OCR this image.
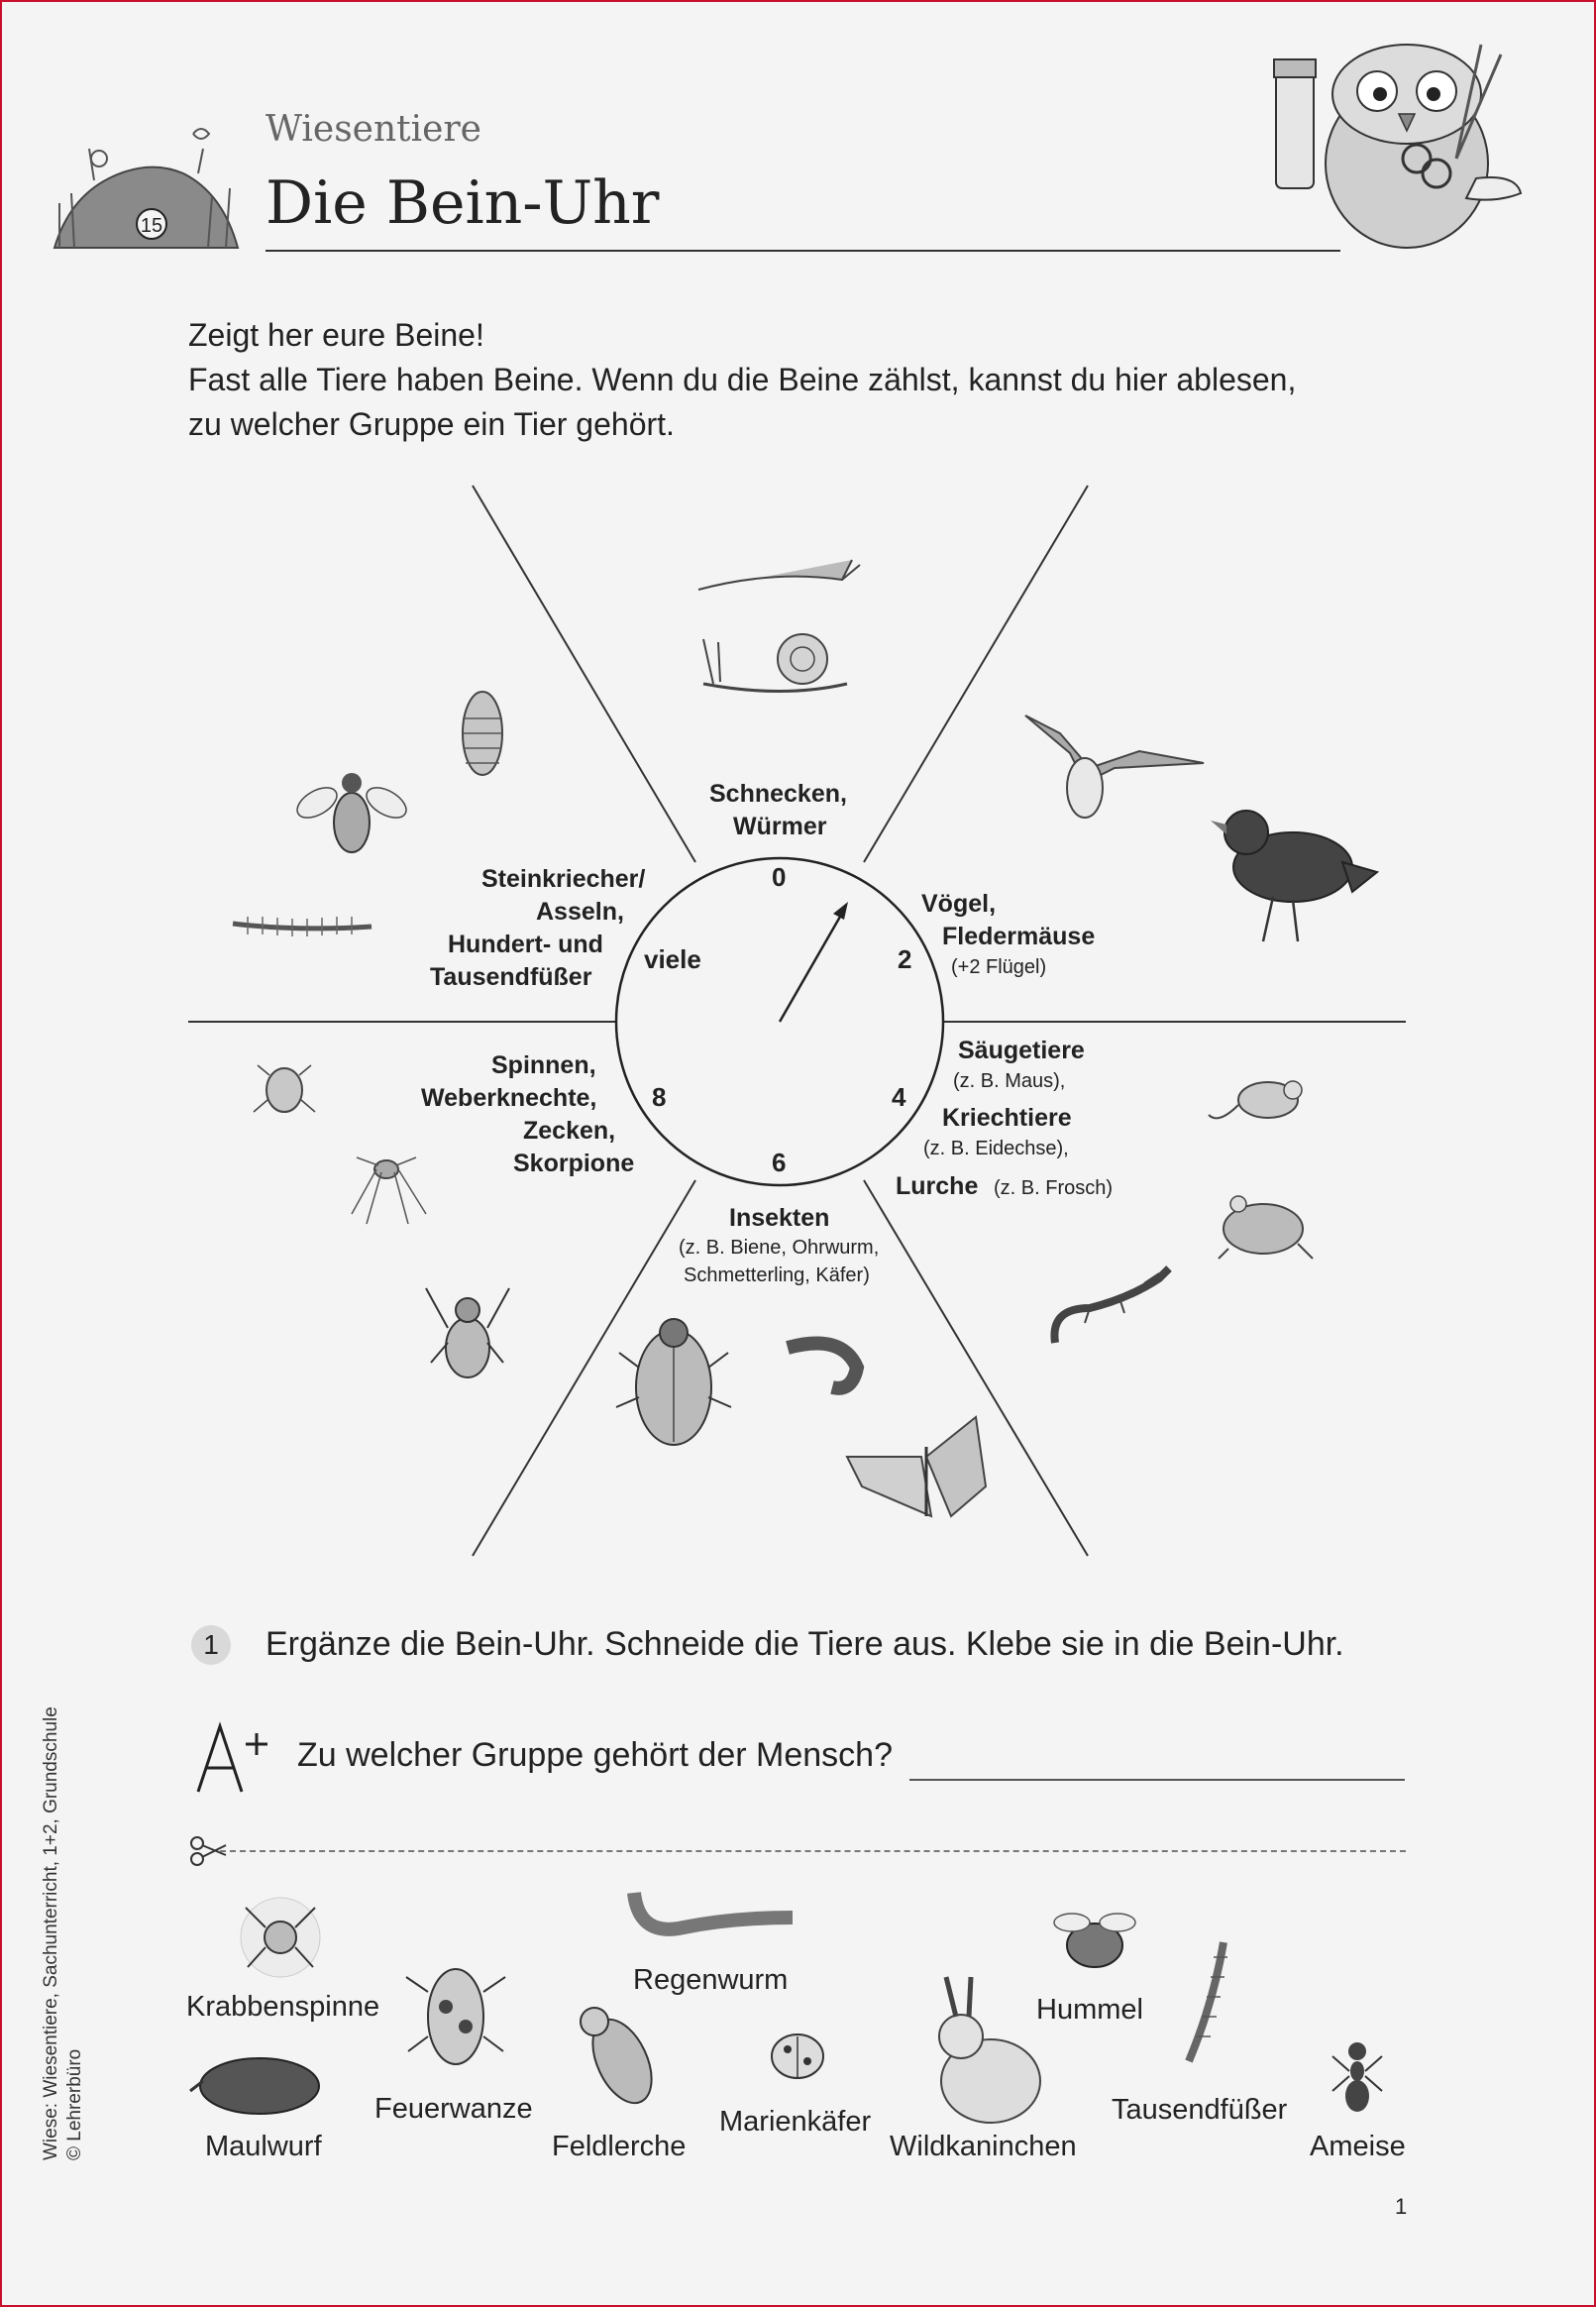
15
Wiesentiere
Die Bein-Uhr
Zeigt her eure Beine!
Fast alle Tiere haben Beine. Wenn du die Beine zählst, kannst du hier ablesen,
zu welcher Gruppe ein Tier gehört.
0
2
4
6
8
viele
Schnecken,
Würmer
Vögel,
Fledermäuse
(+2 Flügel)
Säugetiere
(z. B. Maus),
Kriechtiere
(z. B. Eidechse),
Lurche (z. B. Frosch)
Insekten
(z. B. Biene, Ohrwurm,
Schmetterling, Käfer)
Spinnen,
Weberknechte,
Zecken,
Skorpione
Steinkriecher/
Asseln,
Hundert- und
Tausendfüßer
1	Ergänze die Bein-Uhr. Schneide die Tiere aus. Klebe sie in die Bein-Uhr.
Zu welcher Gruppe gehört der Mensch?
Krabbenspinne
Maulwurf
Feuerwanze
Regenwurm
Feldlerche
Marienkäfer
Wildkaninchen
Hummel
Tausendfüßer
Ameise
Wiese: Wiesentiere, Sachunterricht, 1+2, Grundschule © Lehrerbüro
1
